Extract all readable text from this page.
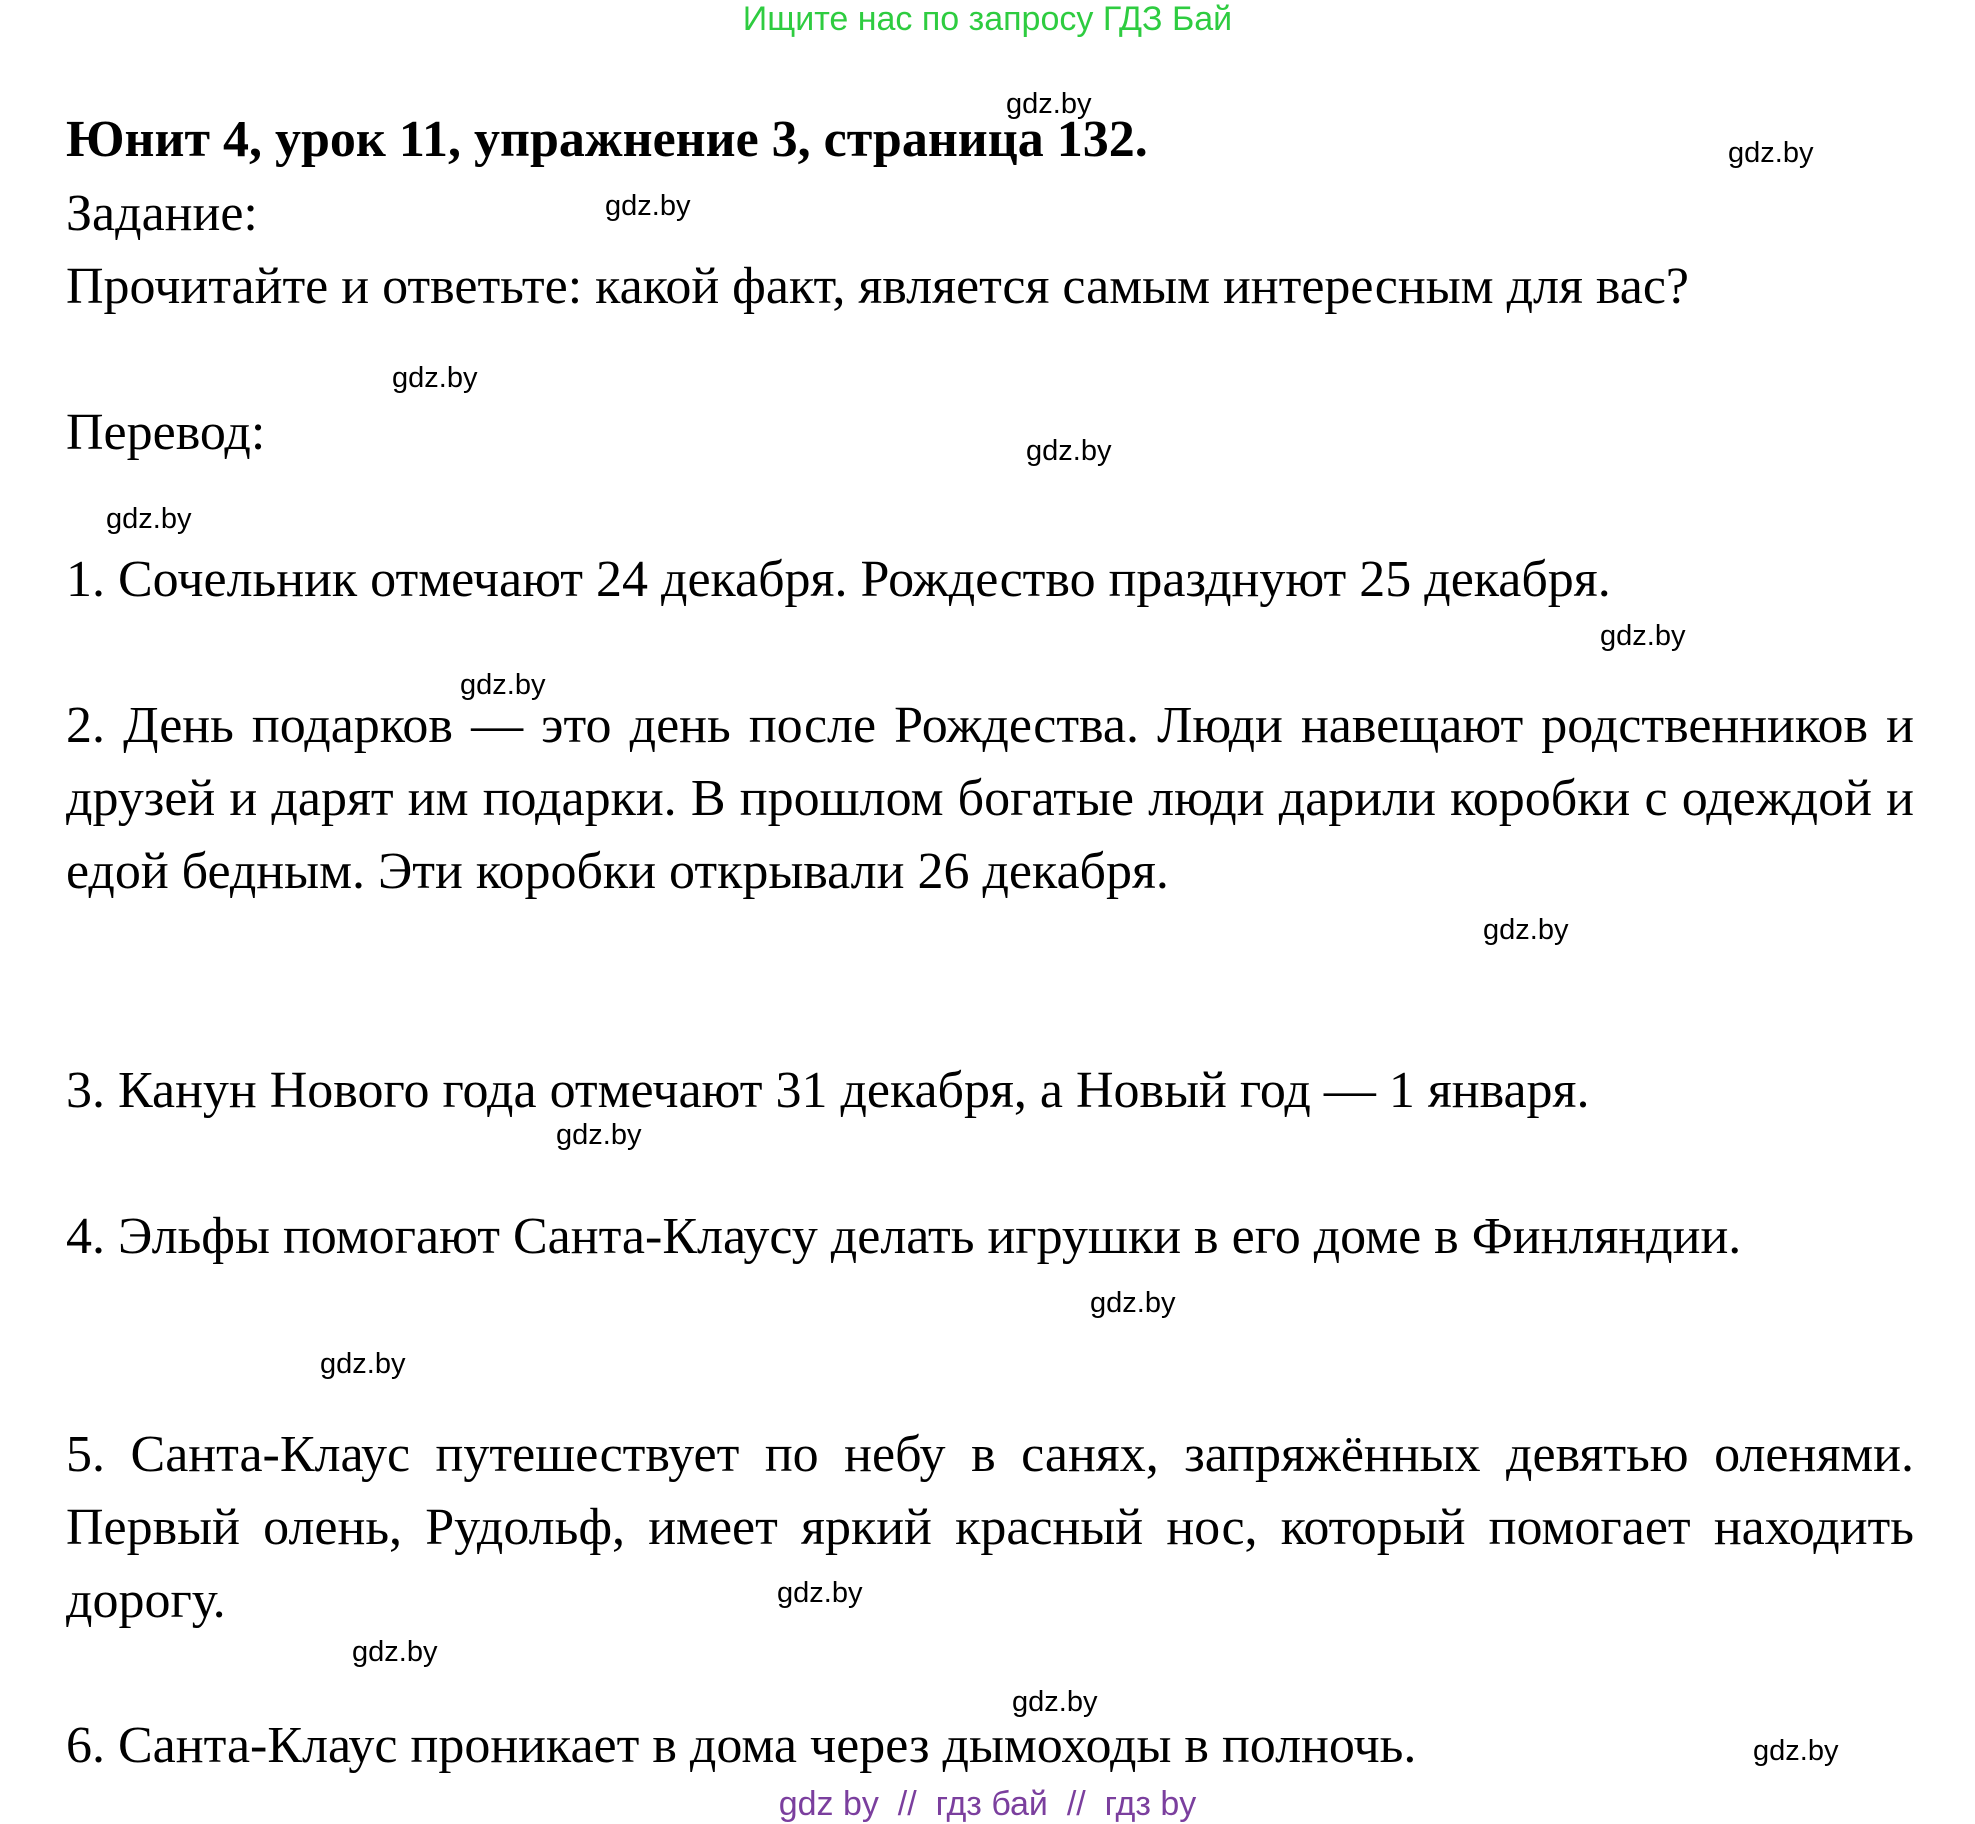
Ищите нас по запросу ГДЗ Бай
Юнит 4, урок 11, упражнение 3, страница 132.
Задание:
Прочитайте и ответьте: какой факт, является самым интересным для вас?
Перевод:
1. Сочельник отмечают 24 декабря. Рождество празднуют 25 декабря.
2. День подарков — это день после Рождества. Люди навещают родственников и друзей и дарят им подарки. В прошлом богатые люди дарили коробки с одеждой и едой бедным. Эти коробки открывали 26 декабря.
3. Канун Нового года отмечают 31 декабря, а Новый год — 1 января.
4. Эльфы помогают Санта-Клаусу делать игрушки в его доме в Финляндии.
5. Санта-Клаус путешествует по небу в санях, запряжённых девятью оленями. Первый олень, Рудольф, имеет яркий красный нос, который помогает находить дорогу.
6. Санта-Клаус проникает в дома через дымоходы в полночь.
gdz.by
gdz.by
gdz.by
gdz.by
gdz.by
gdz.by
gdz.by
gdz.by
gdz.by
gdz.by
gdz.by
gdz.by
gdz.by
gdz.by
gdz.by
gdz.by
gdz by  //  гдз бай  //  гдз by
